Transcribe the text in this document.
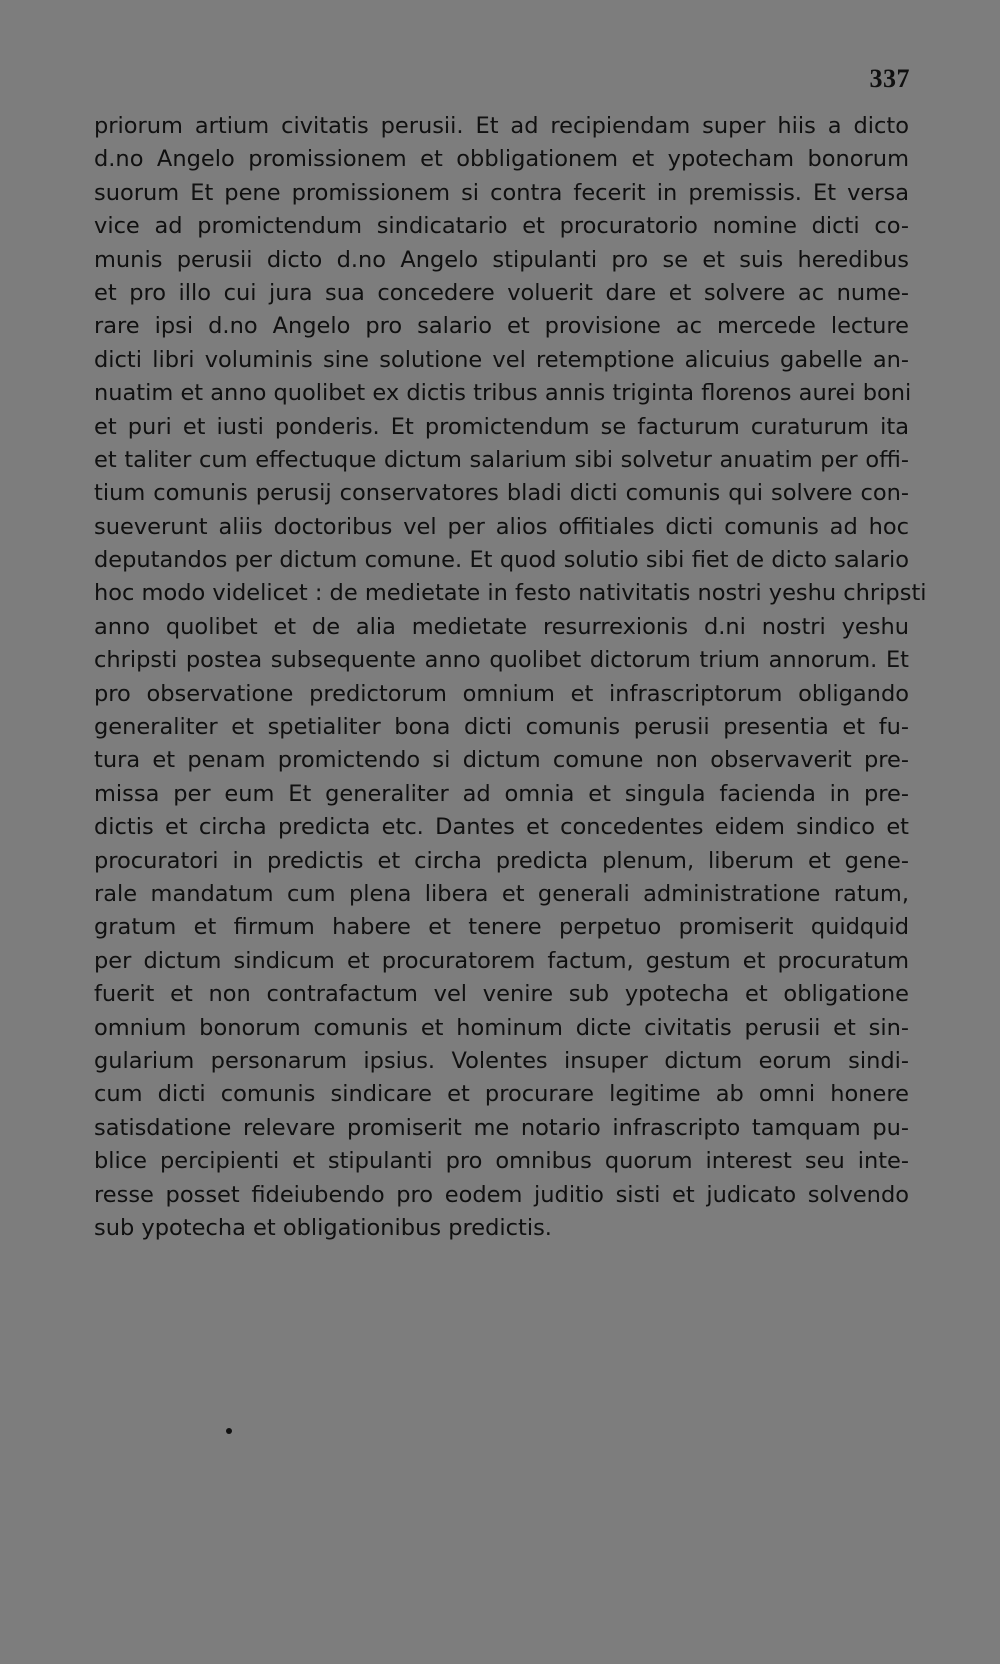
337
priorum artium civitatis perusii. Et ad recipiendam super hiis a dicto
d.no Angelo promissionem et obbligationem et ypotecham bonorum
suorum Et pene promissionem si contra fecerit in premissis. Et versa
vice ad promictendum sindicatario et procuratorio nomine dicti co-
munis perusii dicto d.no Angelo stipulanti pro se et suis heredibus
et pro illo cui jura sua concedere voluerit dare et solvere ac nume-
rare ipsi d.no Angelo pro salario et provisione ac mercede lecture
dicti libri voluminis sine solutione vel retemptione alicuius gabelle an-
nuatim et anno quolibet ex dictis tribus annis triginta florenos aurei boni
et puri et iusti ponderis. Et promictendum se facturum curaturum ita
et taliter cum effectuque dictum salarium sibi solvetur anuatim per offi-
tium comunis perusij conservatores bladi dicti comunis qui solvere con-
sueverunt aliis doctoribus vel per alios offitiales dicti comunis ad hoc
deputandos per dictum comune. Et quod solutio sibi fiet de dicto salario
hoc modo videlicet : de medietate in festo nativitatis nostri yeshu chripsti
anno quolibet et de alia medietate resurrexionis d.ni nostri yeshu
chripsti postea subsequente anno quolibet dictorum trium annorum. Et
pro observatione predictorum omnium et infrascriptorum obligando
generaliter et spetialiter bona dicti comunis perusii presentia et fu-
tura et penam promictendo si dictum comune non observaverit pre-
missa per eum Et generaliter ad omnia et singula facienda in pre-
dictis et circha predicta etc. Dantes et concedentes eidem sindico et
procuratori in predictis et circha predicta plenum, liberum et gene-
rale mandatum cum plena libera et generali administratione ratum,
gratum et firmum habere et tenere perpetuo promiserit quidquid
per dictum sindicum et procuratorem factum, gestum et procuratum
fuerit et non contrafactum vel venire sub ypotecha et obligatione
omnium bonorum comunis et hominum dicte civitatis perusii et sin-
gularium personarum ipsius. Volentes insuper dictum eorum sindi-
cum dicti comunis sindicare et procurare legitime ab omni honere
satisdatione relevare promiserit me notario infrascripto tamquam pu-
blice percipienti et stipulanti pro omnibus quorum interest seu inte-
resse posset fideiubendo pro eodem juditio sisti et judicato solvendo
sub ypotecha et obligationibus predictis.
